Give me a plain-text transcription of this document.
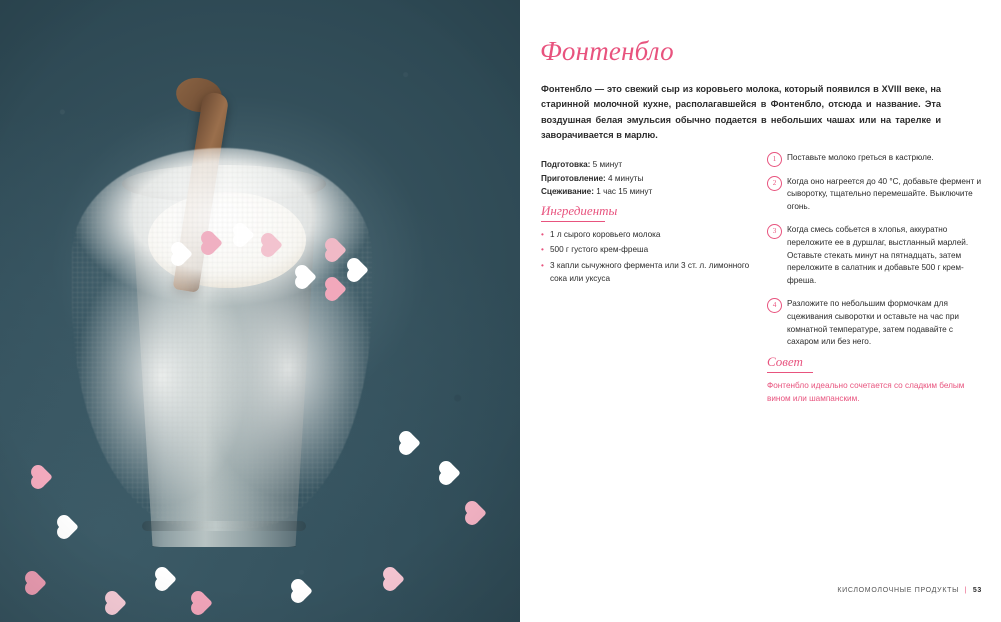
Фонтенбло
Фонтенбло — это свежий сыр из коровьего молока, который появился в XVIII веке, на старинной молочной кухне, располагавшейся в Фонтенбло, отсюда и название. Эта воздушная белая эмульсия обычно подается в небольших чашах или на тарелке и заворачивается в марлю.
Подготовка: 5 минут
Приготовление: 4 минуты
Сцеживание: 1 час 15 минут
Ингредиенты
• 1 л сырого коровьего молока
• 500 г густого крем-фреша
• 3 капли сычужного фермента или 3 ст. л. лимонного сока или уксуса
1	Поставьте молоко греться в кастрюле.
2	Когда оно нагреется до 40 °C, добавьте фермент и сыворотку, тщательно перемешайте. Выключите огонь.
3	Когда смесь собьется в хлопья, аккуратно переложите ее в дуршлаг, выстланный марлей. Оставьте стекать минут на пятнадцать, затем переложите в салатник и добавьте 500 г крем-фреша.
4	Разложите по небольшим формочкам для сцеживания сыворотки и оставьте на час при комнатной температуре, затем подавайте с сахаром или без него.
Совет
Фонтенбло идеально сочетается со сладким белым вином или шампанским.
КИСЛОМОЛОЧНЫЕ ПРОДУКТЫ | 53
